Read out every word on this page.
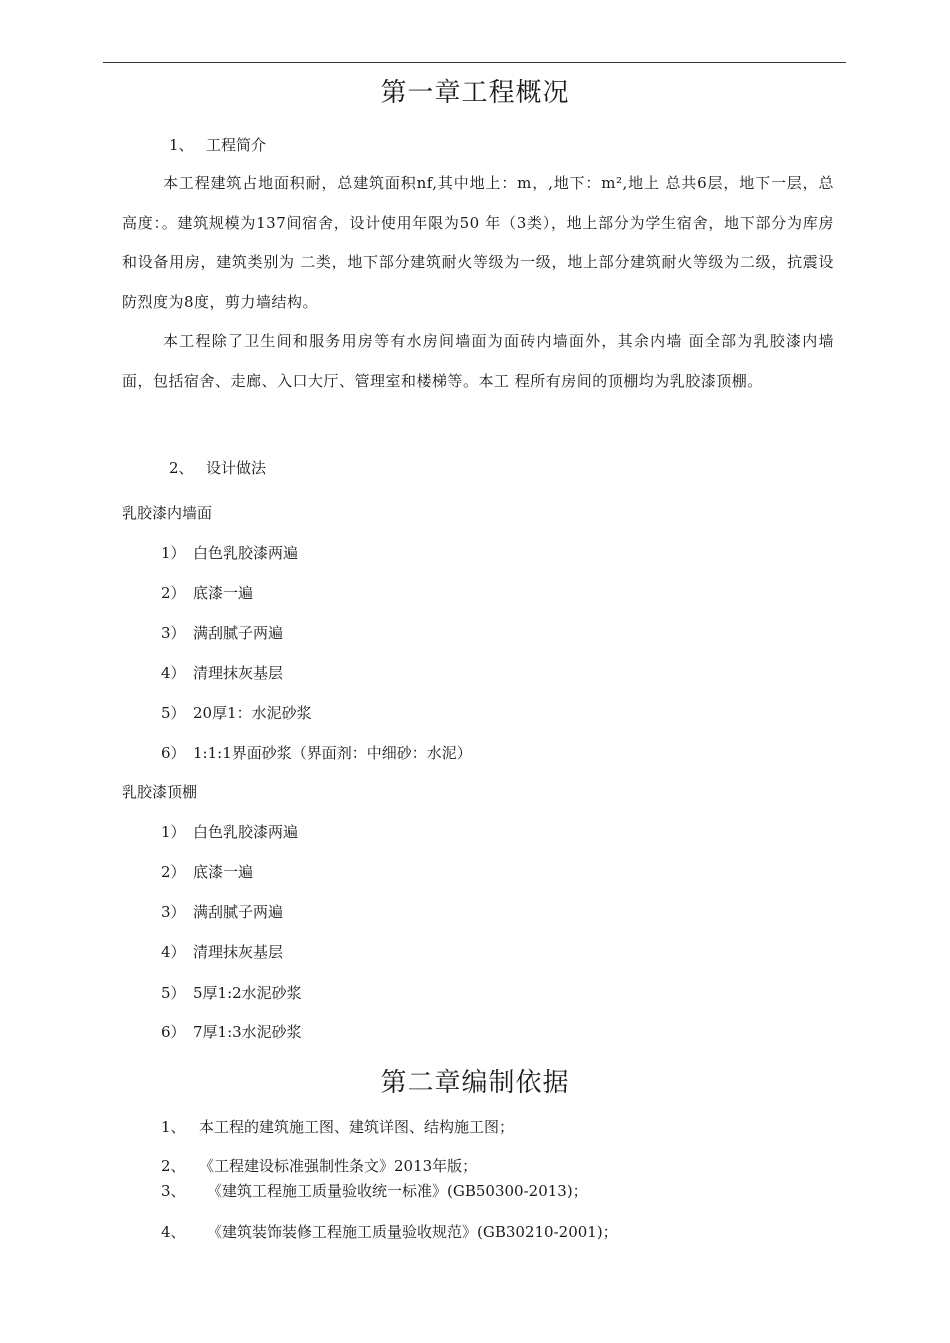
第一章工程概况
1、 工程简介
本工程建筑占地面积耐，总建筑面积nf,其中地上：m，,地下：m²,地上 总共6层，地下一层，总高度：。建筑规模为137间宿舍，设计使用年限为50 年（3类），地上部分为学生宿舍，地下部分为库房和设备用房，建筑类别为 二类，地下部分建筑耐火等级为一级，地上部分建筑耐火等级为二级，抗震设 防烈度为8度，剪力墙结构。
本工程除了卫生间和服务用房等有水房间墙面为面砖内墙面外，其余内墙 面全部为乳胶漆内墙面，包括宿舍、走廊、入口大厅、管理室和楼梯等。本工 程所有房间的顶棚均为乳胶漆顶棚。
2、 设计做法
乳胶漆内墙面
1） 白色乳胶漆两遍
2） 底漆一遍
3） 满刮腻子两遍
4） 清理抹灰基层
5） 20厚1：水泥砂浆
6） 1:1:1界面砂浆（界面剂：中细砂：水泥）
乳胶漆顶棚
1） 白色乳胶漆两遍
2） 底漆一遍
3） 满刮腻子两遍
4） 清理抹灰基层
5） 5厚1:2水泥砂浆
6） 7厚1:3水泥砂浆
第二章编制依据
1、 本工程的建筑施工图、建筑详图、结构施工图；
2、 《工程建设标准强制性条文》2013年版；
3、 《建筑工程施工质量验收统一标准》(GB50300-2013)；
4、 《建筑装饰装修工程施工质量验收规范》(GB30210-2001)；
